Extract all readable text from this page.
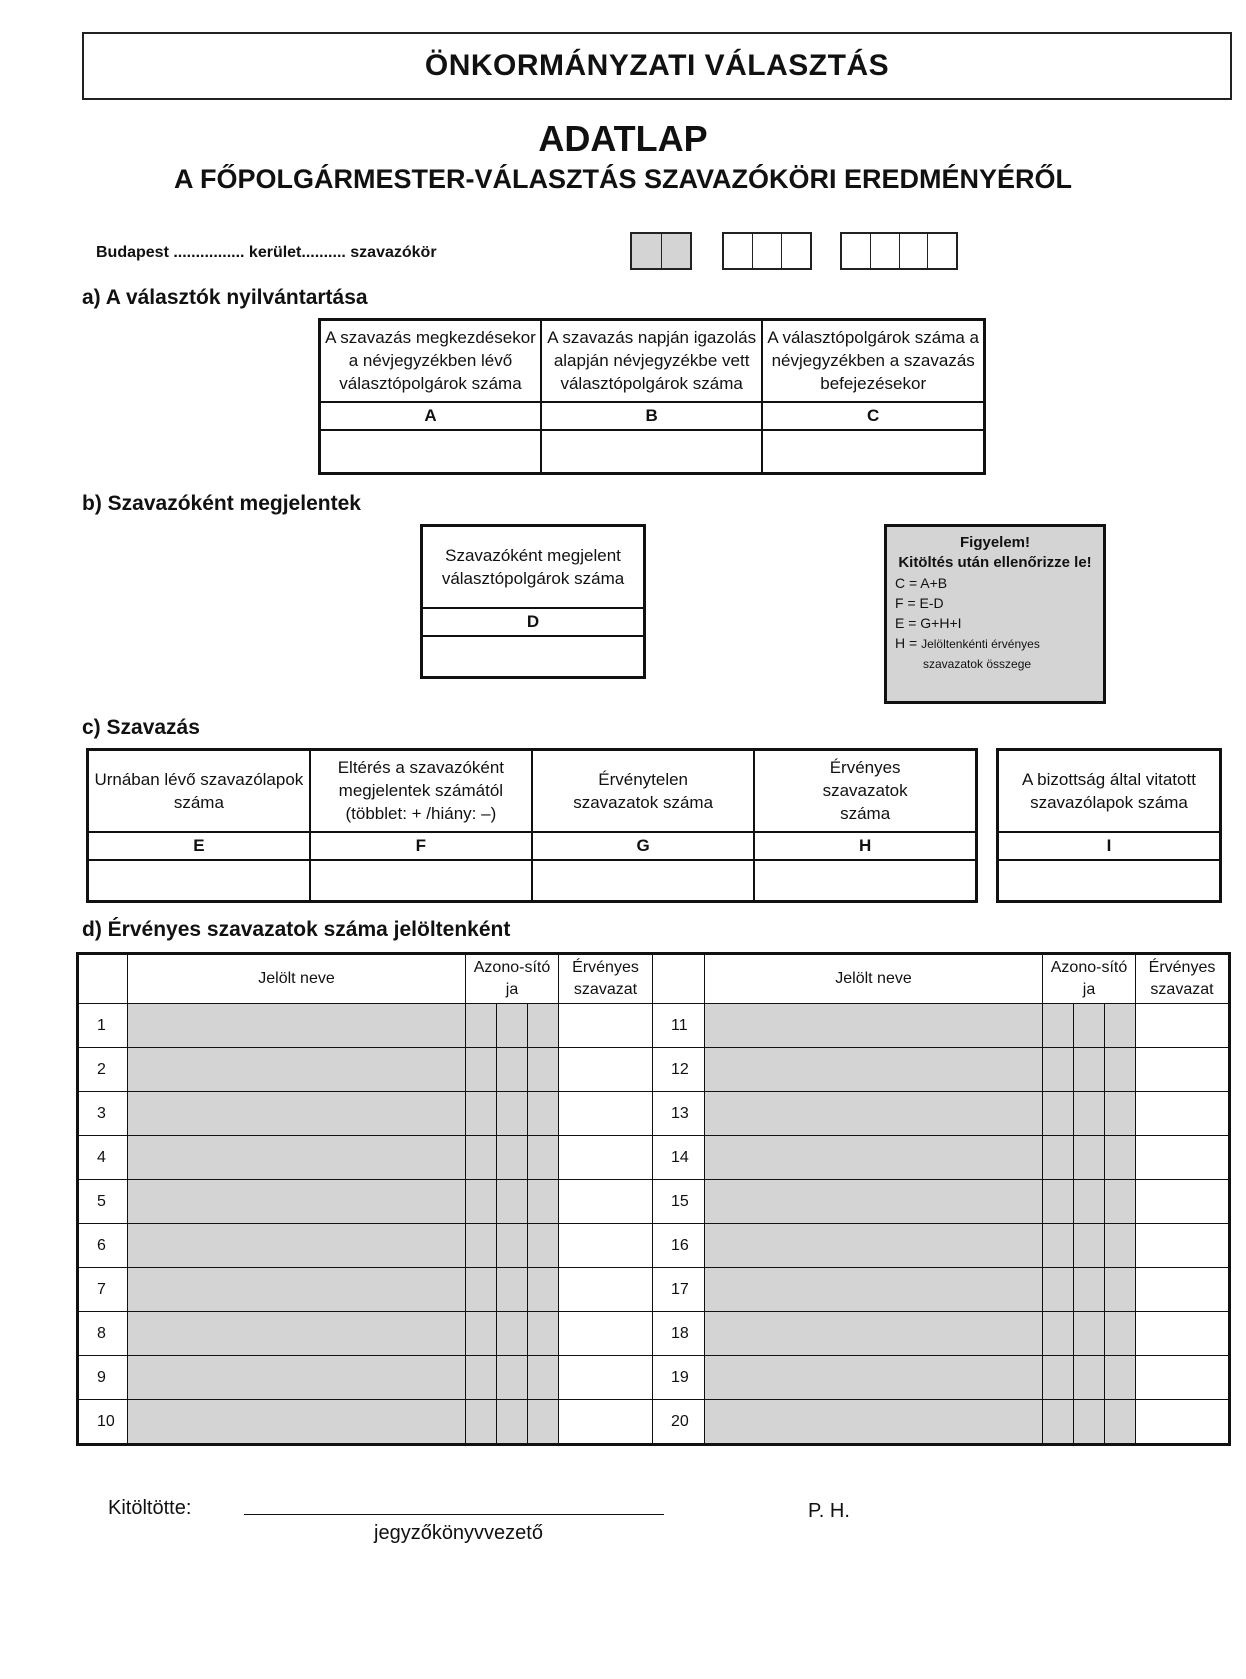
ÖNKORMÁNYZATI VÁLASZTÁS
ADATLAP
A FŐPOLGÁRMESTER-VÁLASZTÁS SZAVAZÓKÖRI EREDMÉNYÉRŐL
Budapest ................ kerület.......... szavazókör
a) A választók nyilvántartása
A szavazás megkezdésekor a névjegyzékben lévő választópolgárok száma	A szavazás napján igazolás alapján névjegyzékbe vett választópolgárok száma	A választópolgárok száma a névjegyzékben a szavazás befejezésekor
A	B	C

b) Szavazóként megjelentek
Szavazóként megjelent választópolgárok száma
D

Figyelem!
Kitöltés után ellenőrizze le!
C = A+B
F = E-D
E = G+H+I
H = Jelöltenkénti érvényes
szavazatok összege
c) Szavazás
Urnában lévő szavazólapok száma	Eltérés a szavazóként megjelentek számától (többlet: + /hiány: –)	Érvénytelen szavazatok száma	Érvényes szavazatok száma
E	F	G	H

A bizottság által vitatott szavazólapok száma
I

d) Érvényes szavazatok száma jelöltenként
	Jelölt neve	Azono-sítója			Érvényes szavazat		Jelölt neve	Azono-sítója			Érvényes szavazat
1						11					
2						12					
3						13					
4						14					
5						15					
6						16					
7						17					
8						18					
9						19					
10						20					
Kitöltötte:
jegyzőkönyvvezető
P. H.
